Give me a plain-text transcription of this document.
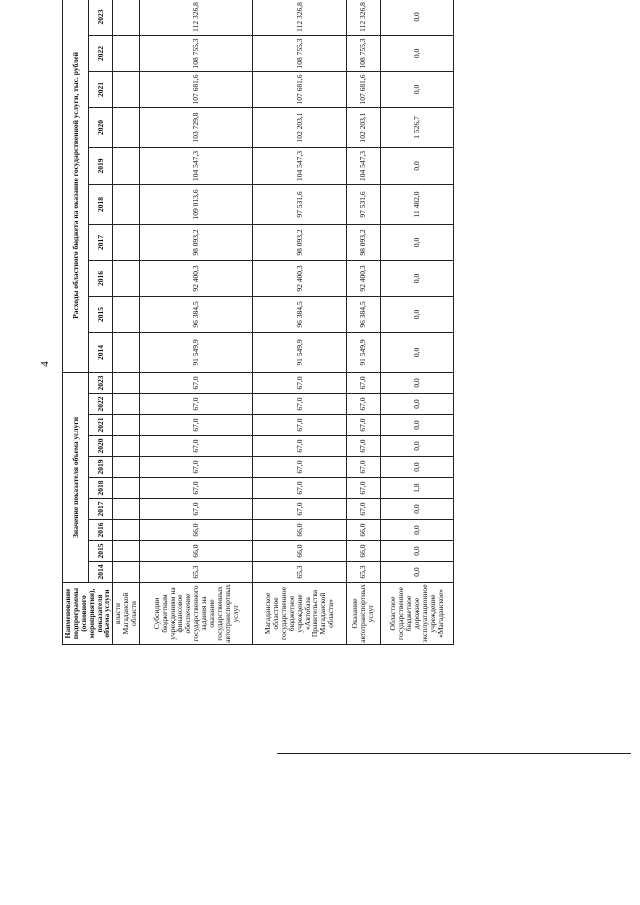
4
Наименование подпрограммы (основного мероприятия), показателя объема услуги	Значение показателя объема услуги										Расходы областного бюджета на оказание государственной услуги, тыс. рублей									
	2014	2015	2016	2017	2018	2019	2020	2021	2022	2023	2014	2015	2016	2017	2018	2019	2020	2021	2022	2023
власти Магаданской области																				
Субсидии бюджетным учреждениям на финансовое обеспечение государственного задания на оказание государственных автотранспортных услуг	65,3	66,0	66,0	67,0	67,0	67,0	67,0	67,0	67,0	67,0	91 549,9	96 384,5	92 400,3	98 093,2	109 013,6	104 547,3	103 729,8	107 681,6	108 755,3	112 326,8
Магаданское областное государственное бюджетное учреждение «Автобаза Правительства Магаданской области»	65,3	66,0	66,0	67,0	67,0	67,0	67,0	67,0	67,0	67,0	91 549,9	96 384,5	92 400,3	98 093,2	97 531,6	104 547,3	102 203,1	107 681,6	108 755,3	112 326,8
Оказание автотранспортных услуг	65,3	66,0	66,0	67,0	67,0	67,0	67,0	67,0	67,0	67,0	91 549,9	96 384,5	92 400,3	98 093,2	97 531,6	104 547,3	102 203,1	107 681,6	108 755,3	112 326,8
Областное государственное бюджетное дорожное эксплуатационное учреждение «Магаданское»	0,0	0,0	0,0	0,0	1,8	0,0	0,0	0,0	0,0	0,0	0,0	0,0	0,0	0,0	11 482,0	0,0	1 526,7	0,0	0,0	0,0
